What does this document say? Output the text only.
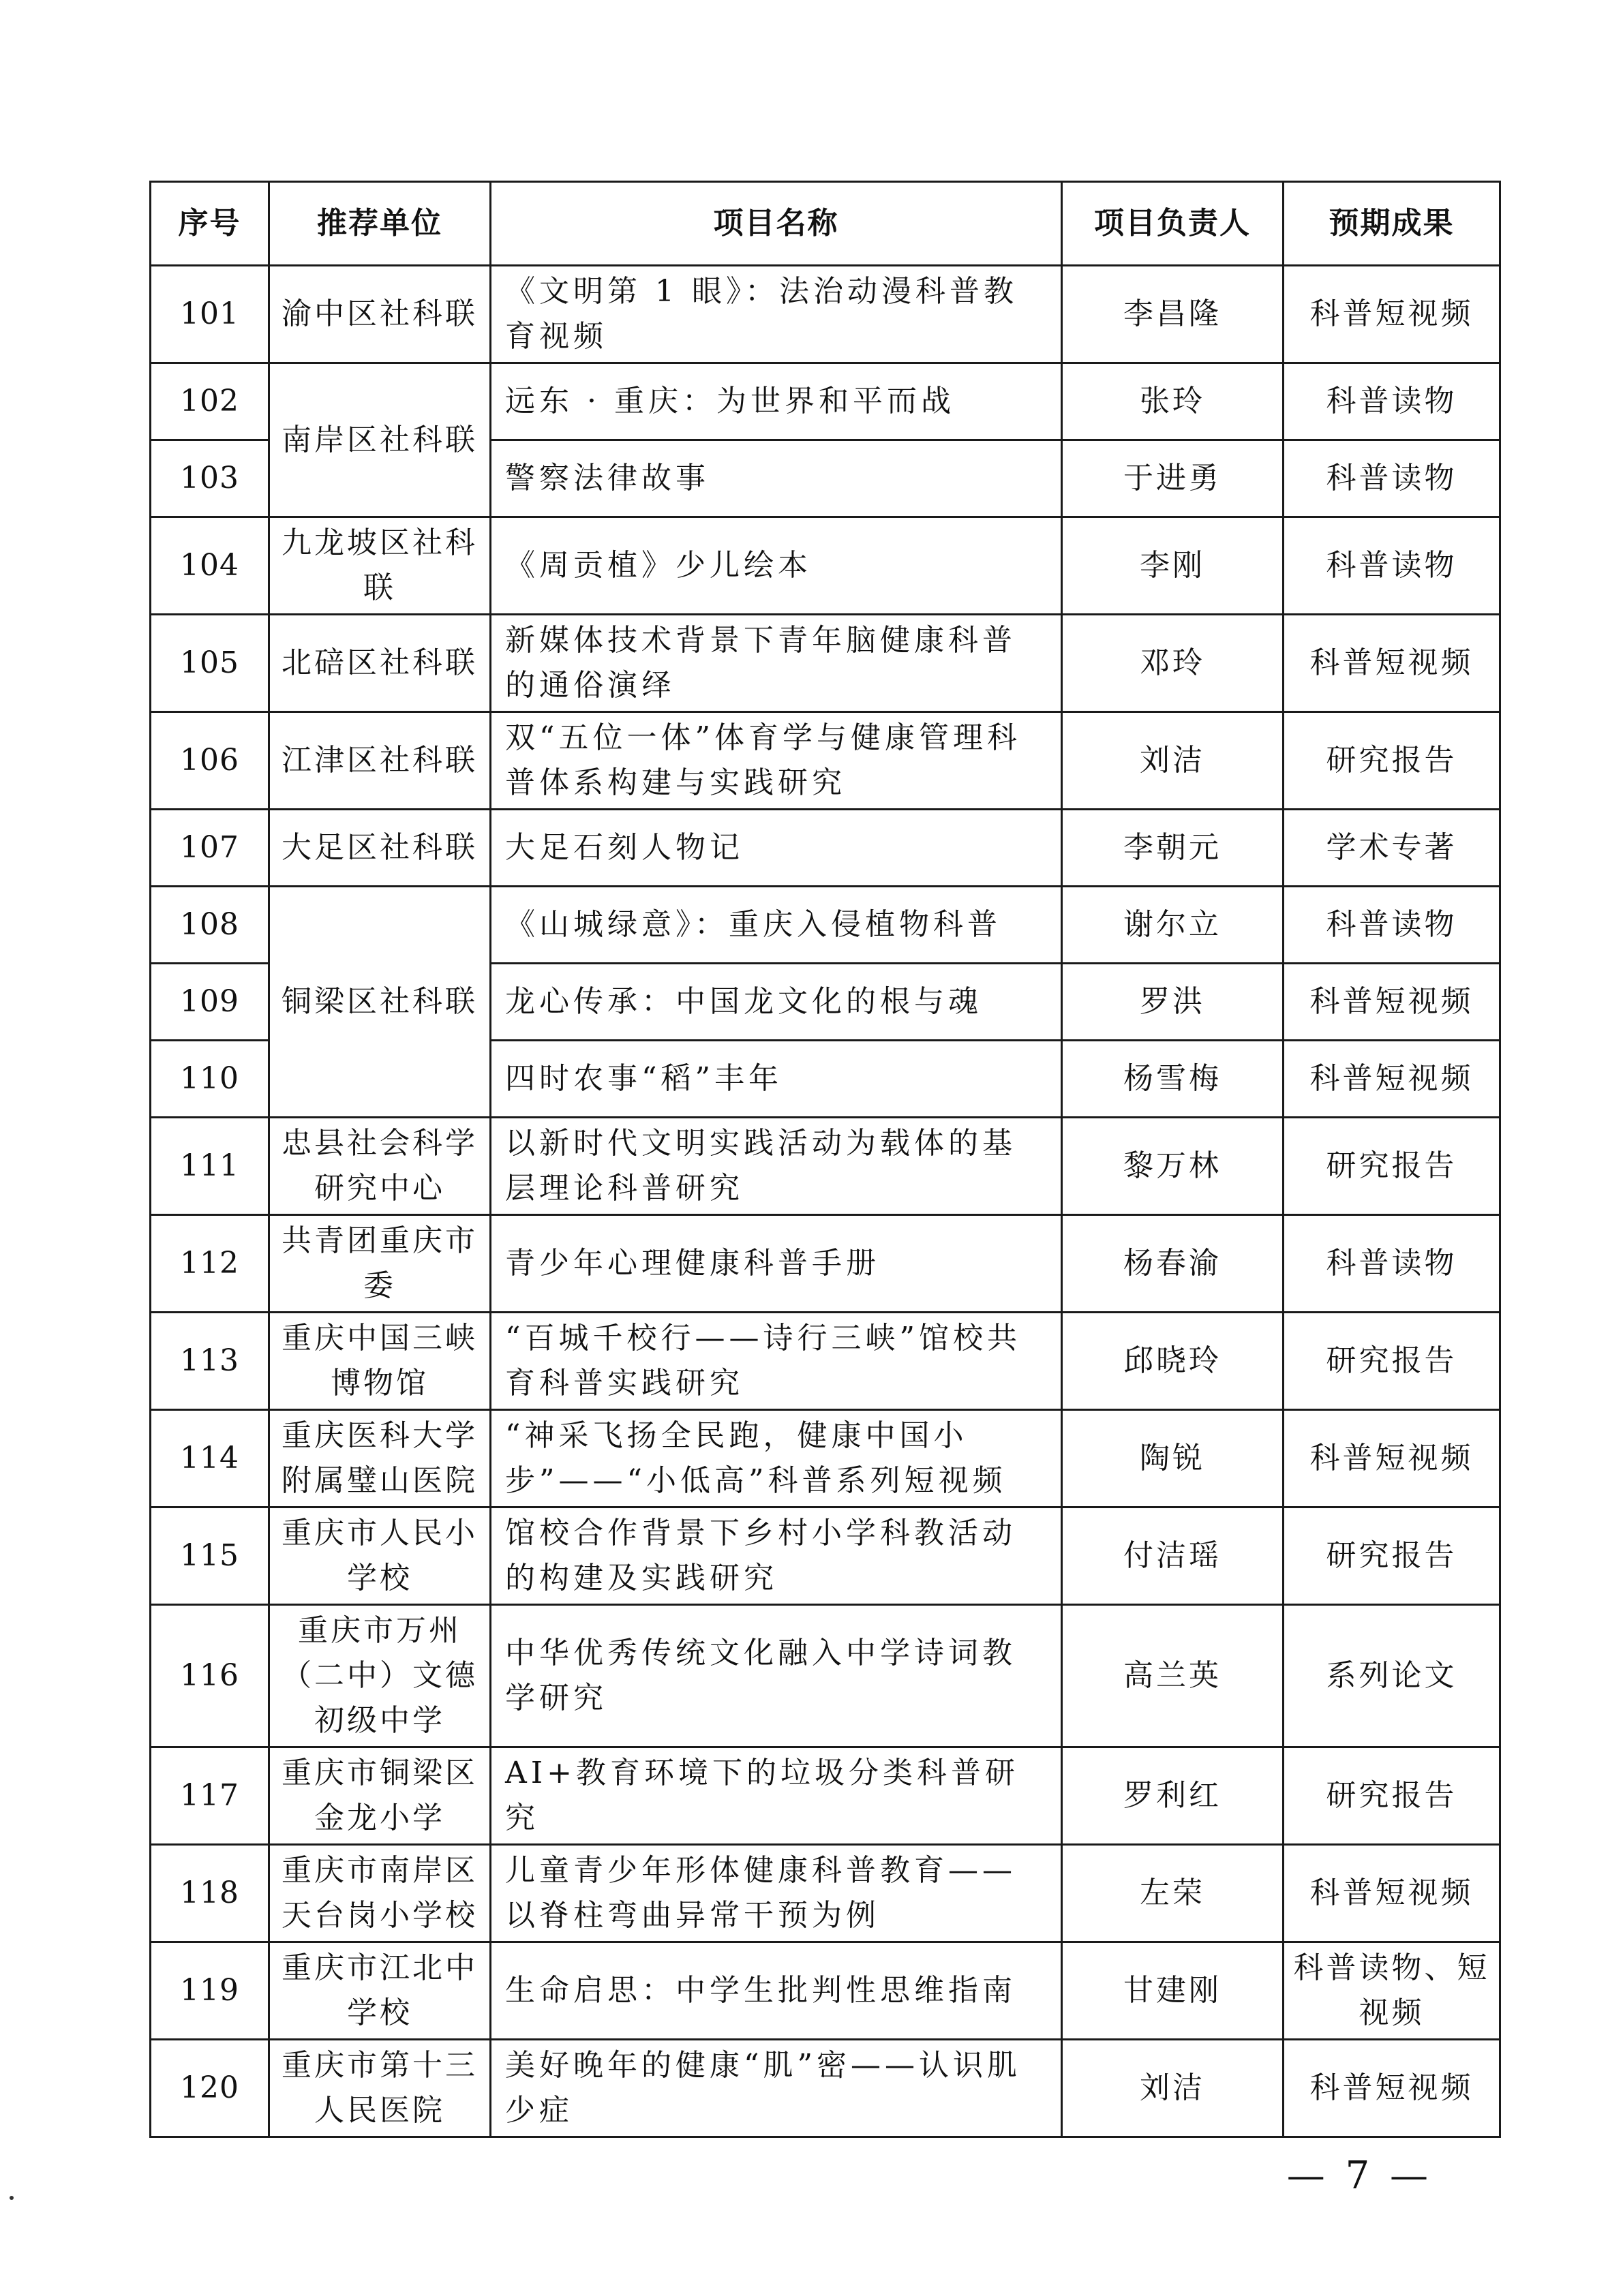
序号	推荐单位	项目名称	项目负责人	预期成果
101	渝中区社科联	《文明第 1 眼》：法治动漫科普教育视频	李昌隆	科普短视频
102	南岸区社科联	远东 · 重庆：为世界和平而战	张玲	科普读物
103		警察法律故事	于进勇	科普读物
104	九龙坡区社科联	《周贡植》少儿绘本	李刚	科普读物
105	北碚区社科联	新媒体技术背景下青年脑健康科普的通俗演绎	邓玲	科普短视频
106	江津区社科联	双“五位一体”体育学与健康管理科普体系构建与实践研究	刘洁	研究报告
107	大足区社科联	大足石刻人物记	李朝元	学术专著
108	铜梁区社科联	《山城绿意》：重庆入侵植物科普	谢尔立	科普读物
109		龙心传承：中国龙文化的根与魂	罗洪	科普短视频
110		四时农事“稻”丰年	杨雪梅	科普短视频
111	忠县社会科学研究中心	以新时代文明实践活动为载体的基层理论科普研究	黎万林	研究报告
112	共青团重庆市委	青少年心理健康科普手册	杨春渝	科普读物
113	重庆中国三峡博物馆	“百城千校行——诗行三峡”馆校共育科普实践研究	邱晓玲	研究报告
114	重庆医科大学附属璧山医院	“神采飞扬全民跑，健康中国小步”——“小低高”科普系列短视频	陶锐	科普短视频
115	重庆市人民小学校	馆校合作背景下乡村小学科教活动的构建及实践研究	付洁瑶	研究报告
116	重庆市万州（二中）文德初级中学	中华优秀传统文化融入中学诗词教学研究	高兰英	系列论文
117	重庆市铜梁区金龙小学	AI+教育环境下的垃圾分类科普研究	罗利红	研究报告
118	重庆市南岸区天台岗小学校	儿童青少年形体健康科普教育——以脊柱弯曲异常干预为例	左荣	科普短视频
119	重庆市江北中学校	生命启思：中学生批判性思维指南	甘建刚	科普读物、短视频
120	重庆市第十三人民医院	美好晚年的健康“肌”密——认识肌少症	刘洁	科普短视频
— 7 —
